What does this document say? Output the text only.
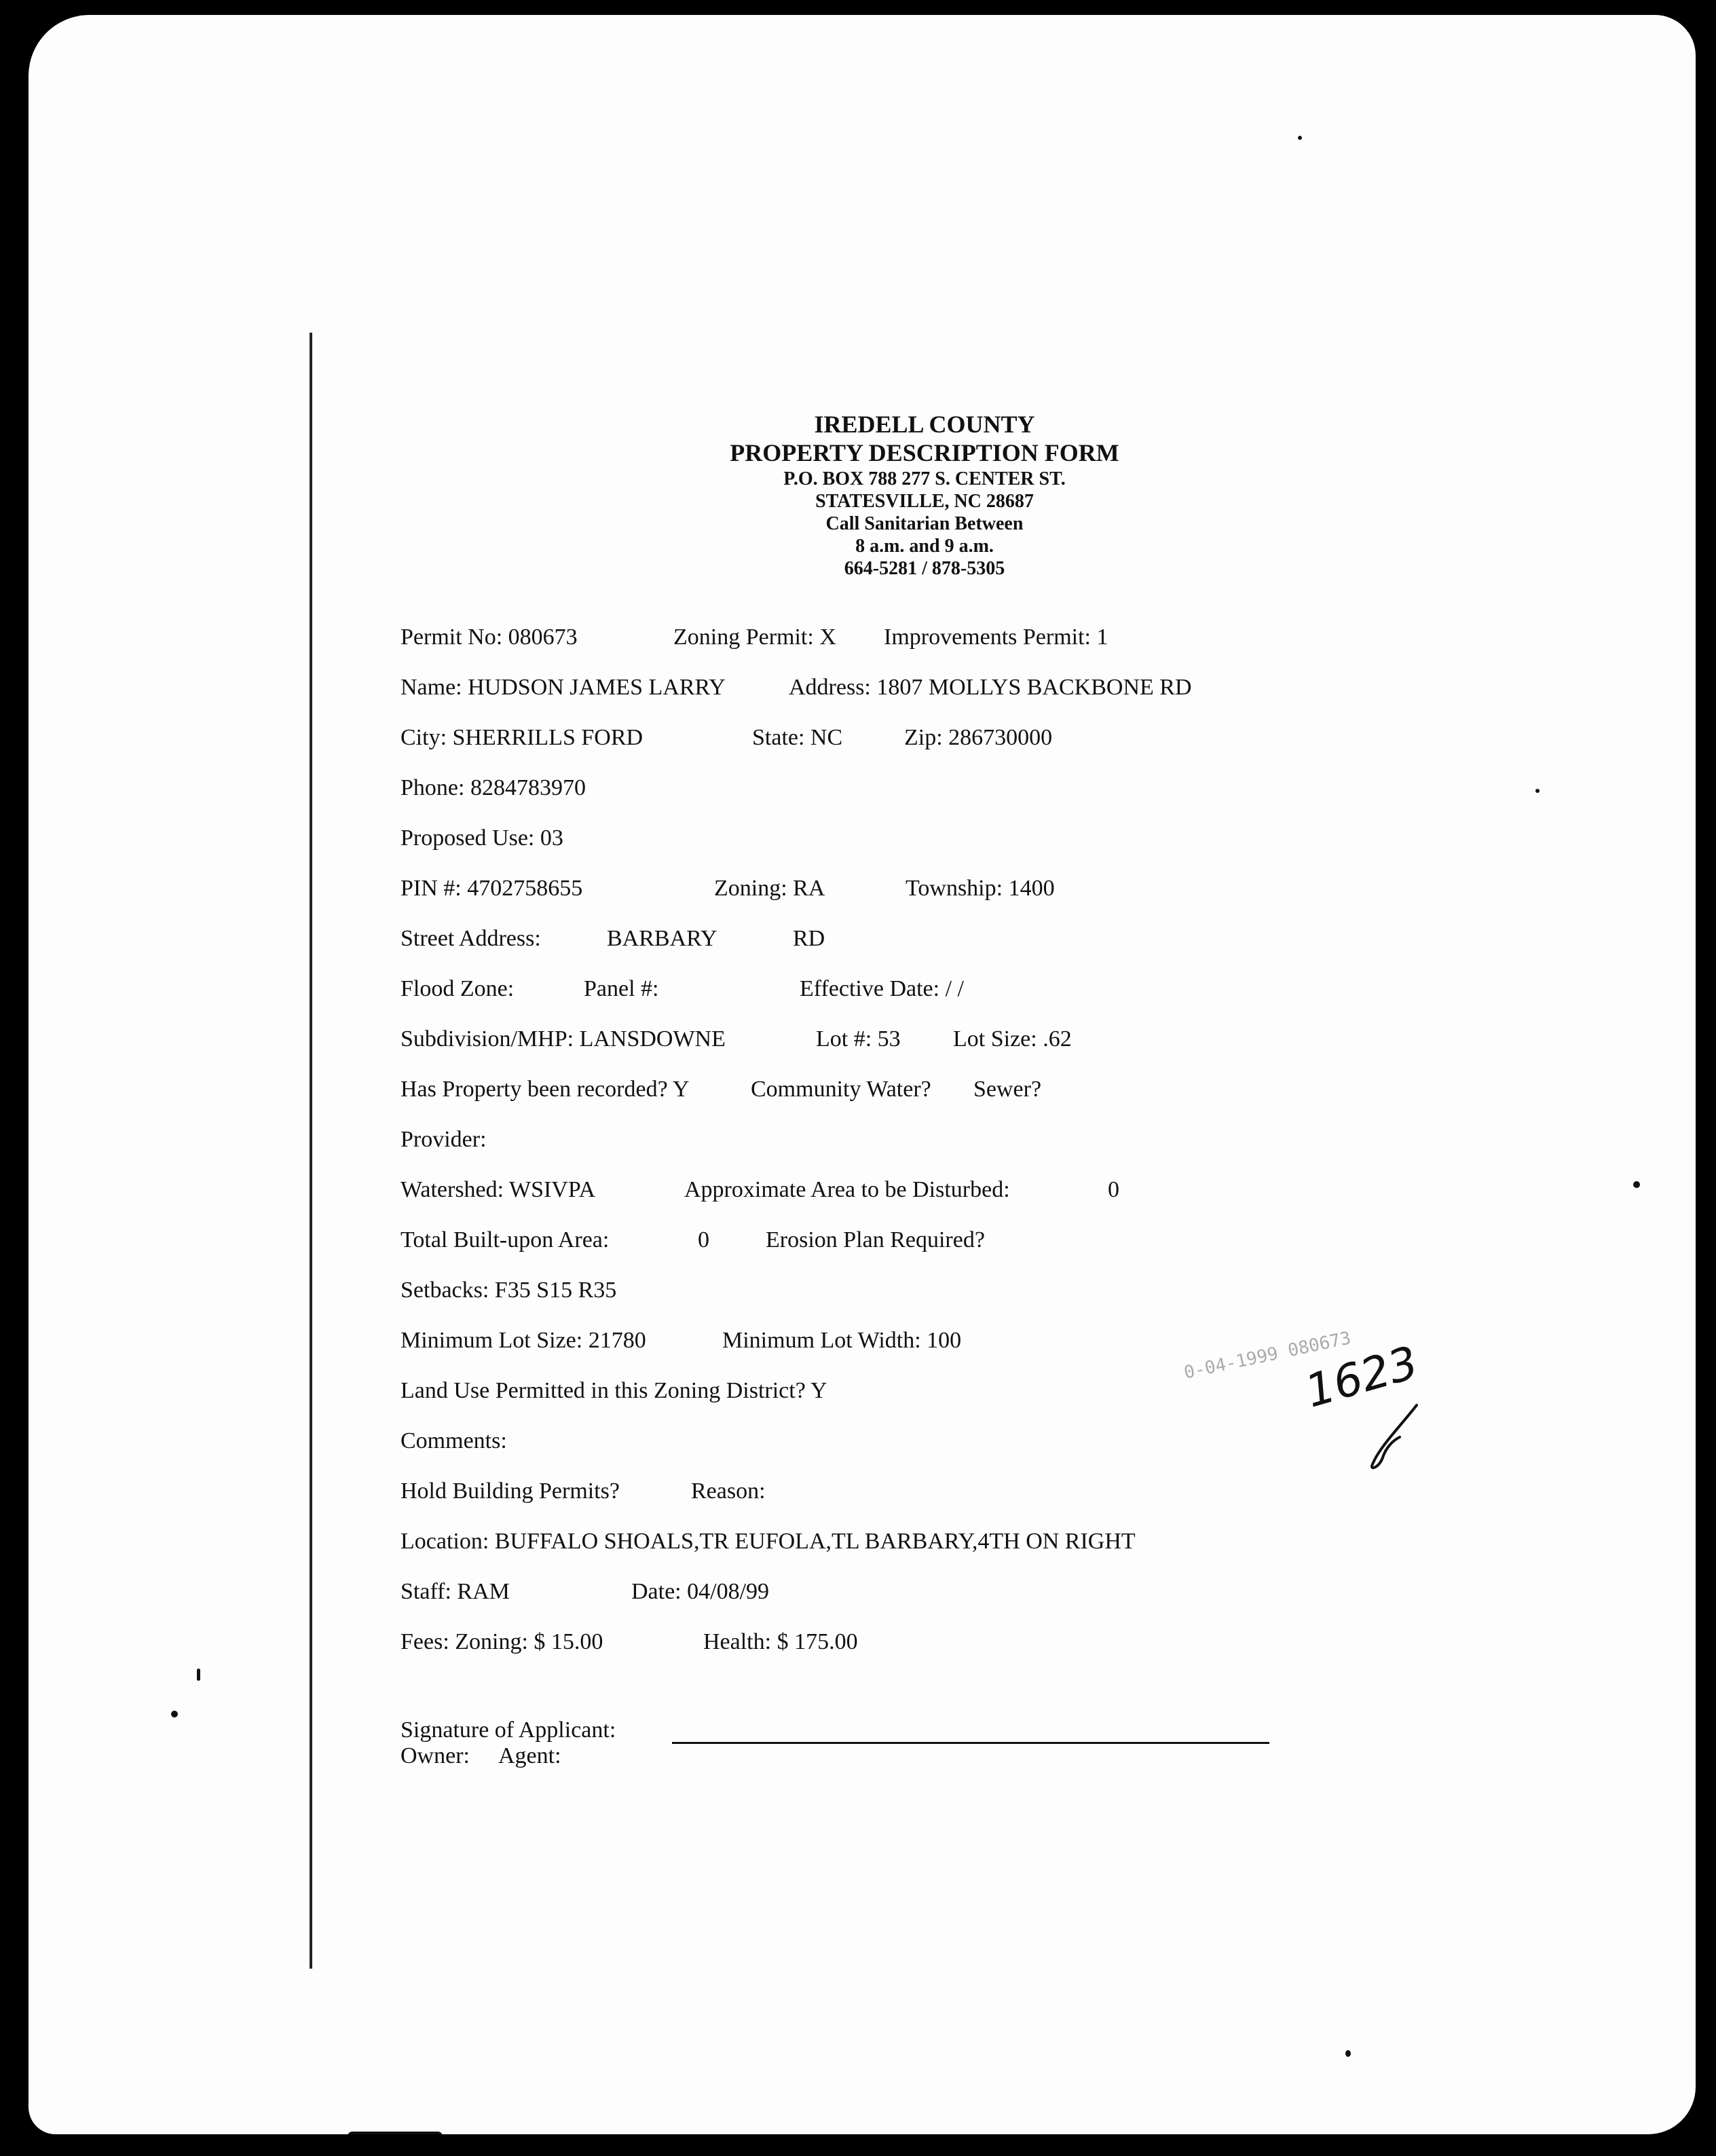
IREDELL COUNTY
PROPERTY DESCRIPTION FORM
P.O. BOX 788 277 S. CENTER ST.
STATESVILLE, NC 28687
Call Sanitarian Between
8 a.m. and 9 a.m.
664-5281 / 878-5305
Permit No: 080673	Zoning Permit: X Improvements Permit: 1
Name: HUDSON JAMES LARRY	Address: 1807 MOLLYS BACKBONE RD
City: SHERRILLS FORD	State: NC	Zip: 286730000
Phone: 8284783970
Proposed Use: 03
PIN #: 4702758655	Zoning: RA	Township: 1400
Street Address:	BARBARY	RD
Flood Zone:	Panel #:	Effective Date: / /
Subdivision/MHP: LANSDOWNE	Lot #: 53 Lot Size: .62
Has Property been recorded? Y	Community Water? Sewer?
Provider:
Watershed: WSIVPA	Approximate Area to be Disturbed:	0
Total Built-upon Area:	0 Erosion Plan Required?
Setbacks: F35 S15 R35
Minimum Lot Size: 21780	Minimum Lot Width: 100
Land Use Permitted in this Zoning District? Y
Comments:
Hold Building Permits?	Reason:
Location: BUFFALO SHOALS,TR EUFOLA,TL BARBARY,4TH ON RIGHT
Staff: RAM	Date: 04/08/99
Fees: Zoning: $ 15.00	Health: $ 175.00
Signature of Applicant:
Owner: Agent:
0-04-1999 080673
1623
